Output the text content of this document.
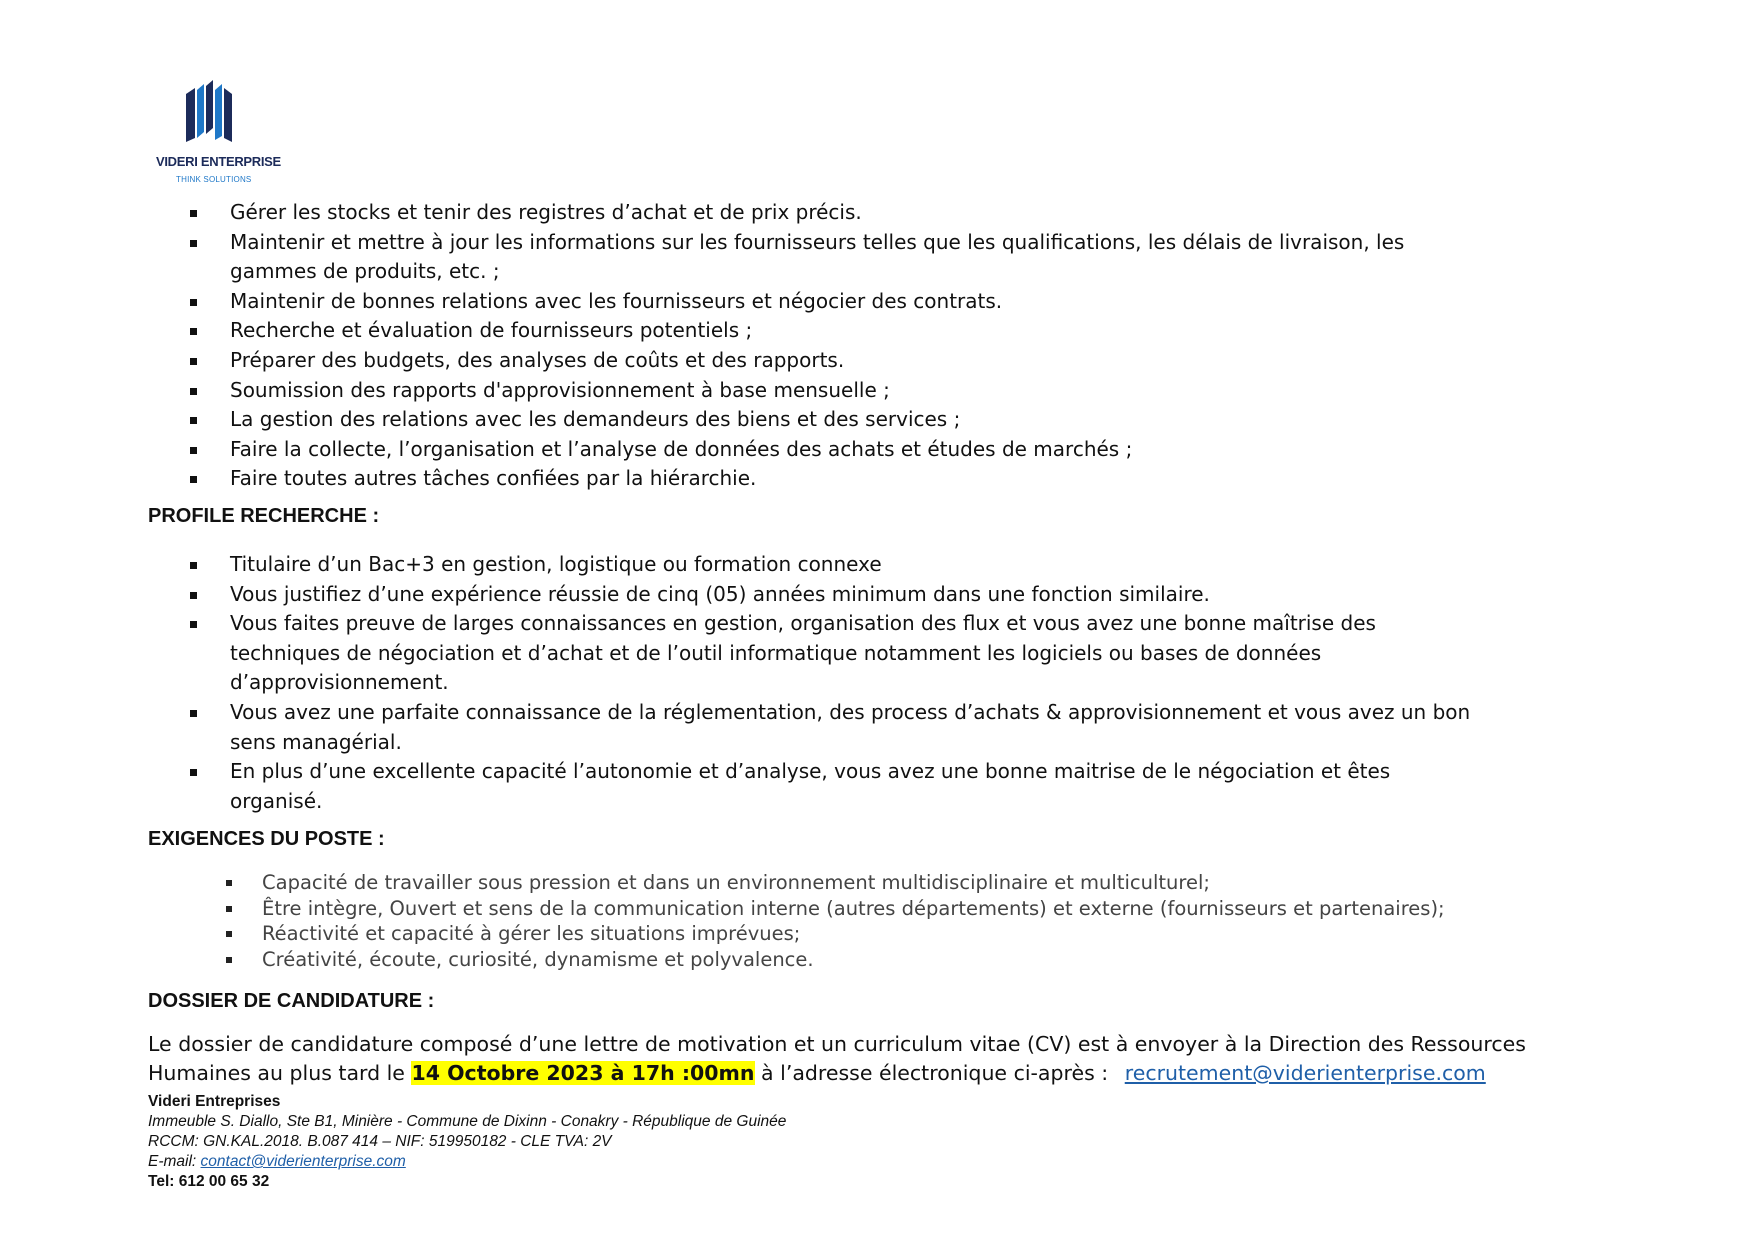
VIDERI ENTERPRISE
THINK SOLUTIONS
Gérer les stocks et tenir des registres d’achat et de prix précis.
Maintenir et mettre à jour les informations sur les fournisseurs telles que les qualifications, les délais de livraison, les gammes de produits, etc. ;
Maintenir de bonnes relations avec les fournisseurs et négocier des contrats.
Recherche et évaluation de fournisseurs potentiels ;
Préparer des budgets, des analyses de coûts et des rapports.
Soumission des rapports d'approvisionnement à base mensuelle ;
La gestion des relations avec les demandeurs des biens et des services ;
Faire la collecte, l’organisation et l’analyse de données des achats et études de marchés ;
Faire toutes autres tâches confiées par la hiérarchie.
PROFILE RECHERCHE :
Titulaire d’un Bac+3 en gestion, logistique ou formation connexe
Vous justifiez d’une expérience réussie de cinq (05) années minimum dans une fonction similaire.
Vous faites preuve de larges connaissances en gestion, organisation des flux et vous avez une bonne maîtrise des techniques de négociation et d’achat et de l’outil informatique notamment les logiciels ou bases de données d’approvisionnement.
Vous avez une parfaite connaissance de la réglementation, des process d’achats & approvisionnement et vous avez un bon sens managérial.
En plus d’une excellente capacité l’autonomie et d’analyse, vous avez une bonne maitrise de le négociation et êtes organisé.
EXIGENCES DU POSTE :
Capacité de travailler sous pression et dans un environnement multidisciplinaire et multiculturel;
Être intègre, Ouvert et sens de la communication interne (autres départements) et externe (fournisseurs et partenaires);
Réactivité et capacité à gérer les situations imprévues;
Créativité, écoute, curiosité, dynamisme et polyvalence.
DOSSIER DE CANDIDATURE :
Le dossier de candidature composé d’une lettre de motivation et un curriculum vitae (CV) est à envoyer à la Direction des Ressources Humaines au plus tard le 14 Octobre 2023 à 17h :00mn à l’adresse électronique ci-après : recrutement@viderienterprise.com
Videri Entreprises
Immeuble S. Diallo, Ste B1, Minière - Commune de Dixinn - Conakry - République de Guinée
RCCM: GN.KAL.2018. B.087 414 – NIF: 519950182 - CLE TVA: 2V
E-mail: contact@viderienterprise.com
Tel: 612 00 65 32
